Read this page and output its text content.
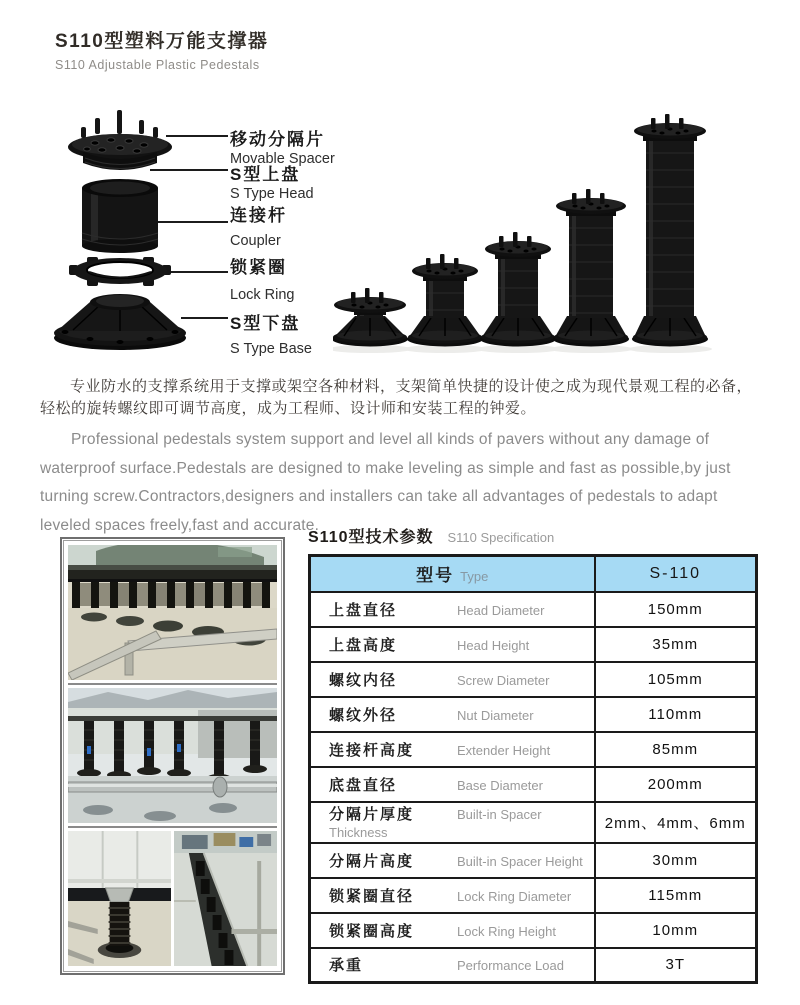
S110型塑料万能支撑器
S110 Adjustable Plastic Pedestals
移动分隔片
Movable Spacer
S型上盘
S Type Head
连接杆
Coupler
锁紧圈
Lock Ring
S型下盘
S Type Base

专业防水的支撑系统用于支撑或架空各种材料，支架简单快捷的设计使之成为现代景观工程的必备，轻松的旋转螺纹即可调节高度，成为工程师、设计师和安装工程的钟爱。

Professional pedestals system support and level all kinds of pavers without any damage of waterproof surface.Pedestals are designed to make leveling as simple and fast as possible,by just turning screw.Contractors,designers and installers can take all advantages of pedestals to adapt leveled spaces freely,fast and accurate.

S110型技术参数 S110 Specification
型号 Type	S-110
上盘直径 Head Diameter	150mm
上盘高度 Head Height	35mm
螺纹内径 Screw Diameter	105mm
螺纹外径 Nut Diameter	110mm
连接杆高度 Extender Height	85mm
底盘直径 Base Diameter	200mm
分隔片厚度 Built-in Spacer Thickness	2mm、4mm、6mm
分隔片高度 Built-in Spacer Height	30mm
锁紧圈直径 Lock Ring Diameter	115mm
锁紧圈高度 Lock Ring Height	10mm
承重 Performance Load	3T
